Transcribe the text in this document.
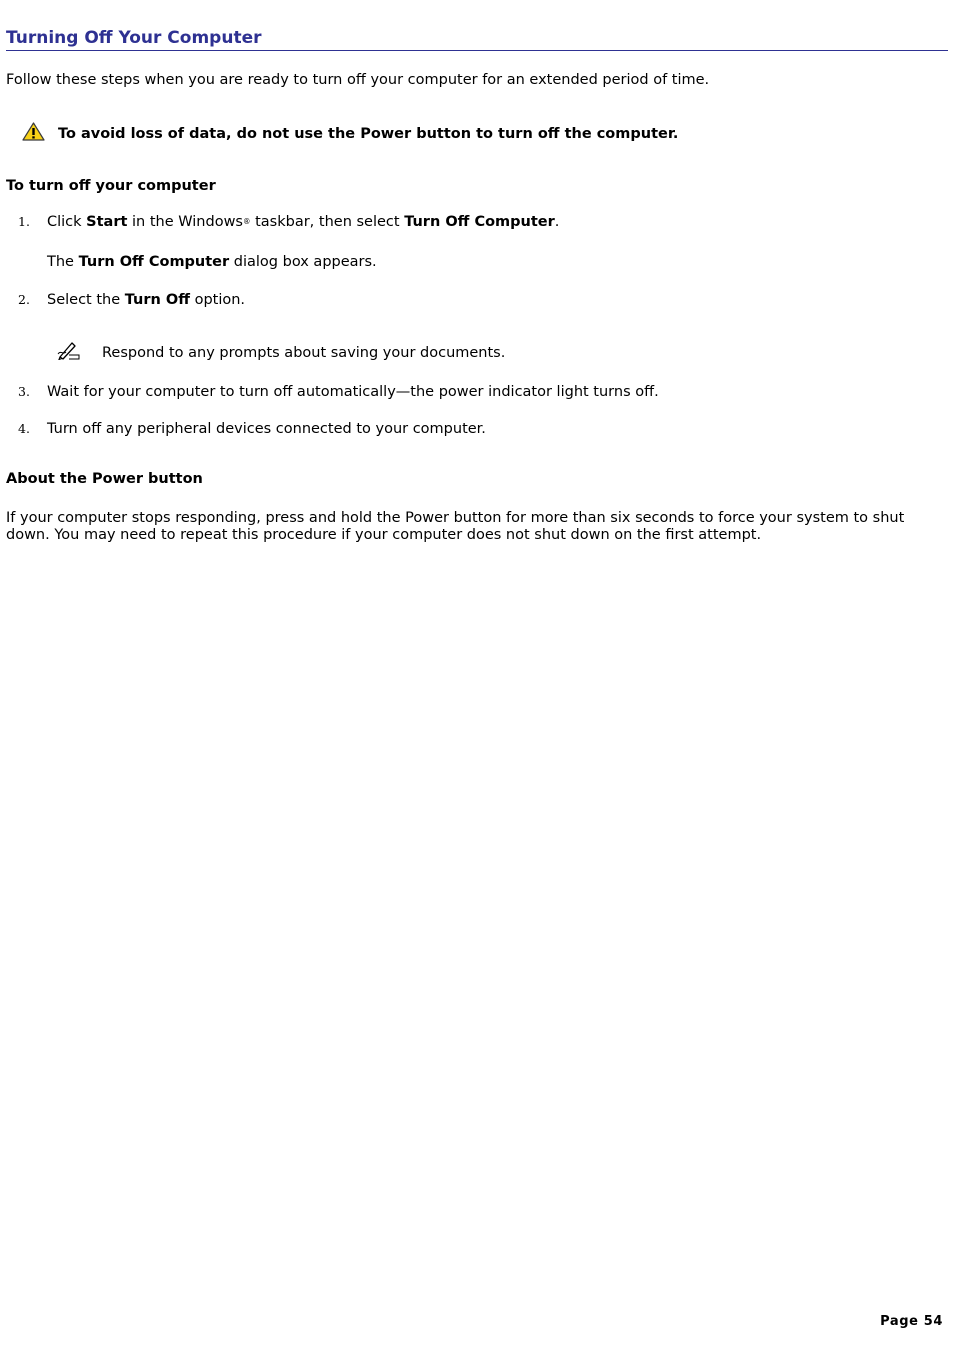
Turning Off Your Computer
Follow these steps when you are ready to turn off your computer for an extended period of time.
To avoid loss of data, do not use the Power button to turn off the computer.
To turn off your computer
1. Click Start in the Windows® taskbar, then select Turn Off Computer.
The Turn Off Computer dialog box appears.
2. Select the Turn Off option.
Respond to any prompts about saving your documents.
3. Wait for your computer to turn off automatically—the power indicator light turns off.
4. Turn off any peripheral devices connected to your computer.
About the Power button
If your computer stops responding, press and hold the Power button for more than six seconds to force your system to shut down. You may need to repeat this procedure if your computer does not shut down on the first attempt.
Page 54
